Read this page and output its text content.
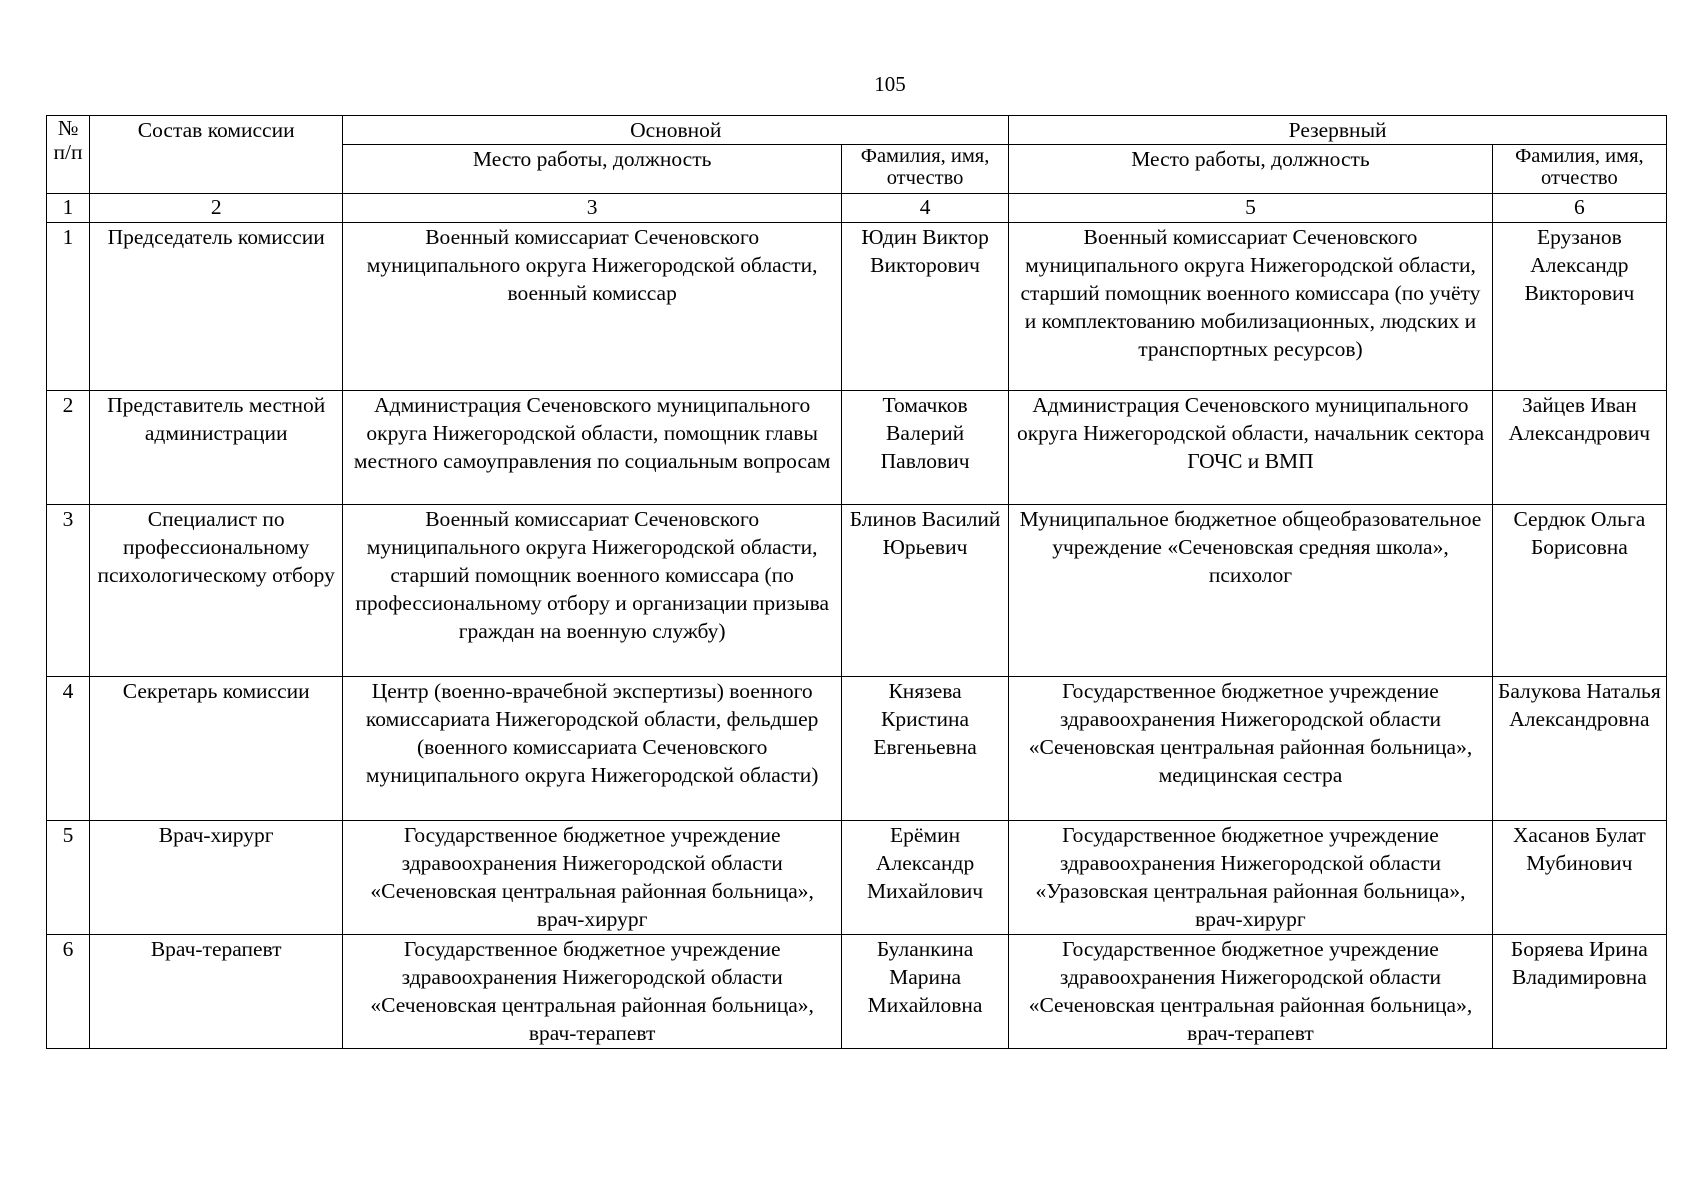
105
№ п/п	Состав комиссии	Основной		Резервный	
		Место работы, должность	Фамилия, имя, отчество	Место работы, должность	Фамилия, имя, отчество
1	2	3	4	5	6
1	Председатель комиссии	Военный комиссариат Сеченовского муниципального округа Нижегородской области, военный комиссар	Юдин Виктор Викторович	Военный комиссариат Сеченовского муниципального округа Нижегородской области, старший помощник военного комиссара (по учёту и комплектованию мобилизационных, людских и транспортных ресурсов)	Ерузанов Александр Викторович
2	Представитель местной администрации	Администрация Сеченовского муниципального округа Нижегородской области, помощник главы местного самоуправления по социальным вопросам	Томачков Валерий Павлович	Администрация Сеченовского муниципального округа Нижегородской области, начальник сектора ГОЧС и ВМП	Зайцев Иван Александрович
3	Специалист по профессиональному психологическому отбору	Военный комиссариат Сеченовского муниципального округа Нижегородской области, старший помощник военного комиссара (по профессиональному отбору и организации призыва граждан на военную службу)	Блинов Василий Юрьевич	Муниципальное бюджетное общеобразовательное учреждение «Сеченовская средняя школа», психолог	Сердюк Ольга Борисовна
4	Секретарь комиссии	Центр (военно-врачебной экспертизы) военного комиссариата Нижегородской области, фельдшер (военного комиссариата Сеченовского муниципального округа Нижегородской области)	Князева Кристина Евгеньевна	Государственное бюджетное учреждение здравоохранения Нижегородской области «Сеченовская центральная районная больница», медицинская сестра	Балукова Наталья Александровна
5	Врач-хирург	Государственное бюджетное учреждение здравоохранения Нижегородской области «Сеченовская центральная районная больница», врач-хирург	Ерёмин Александр Михайлович	Государственное бюджетное учреждение здравоохранения Нижегородской области «Уразовская центральная районная больница», врач-хирург	Хасанов Булат Мубинович
6	Врач-терапевт	Государственное бюджетное учреждение здравоохранения Нижегородской области «Сеченовская центральная районная больница», врач-терапевт	Буланкина Марина Михайловна	Государственное бюджетное учреждение здравоохранения Нижегородской области «Сеченовская центральная районная больница», врач-терапевт	Боряева Ирина Владимировна
